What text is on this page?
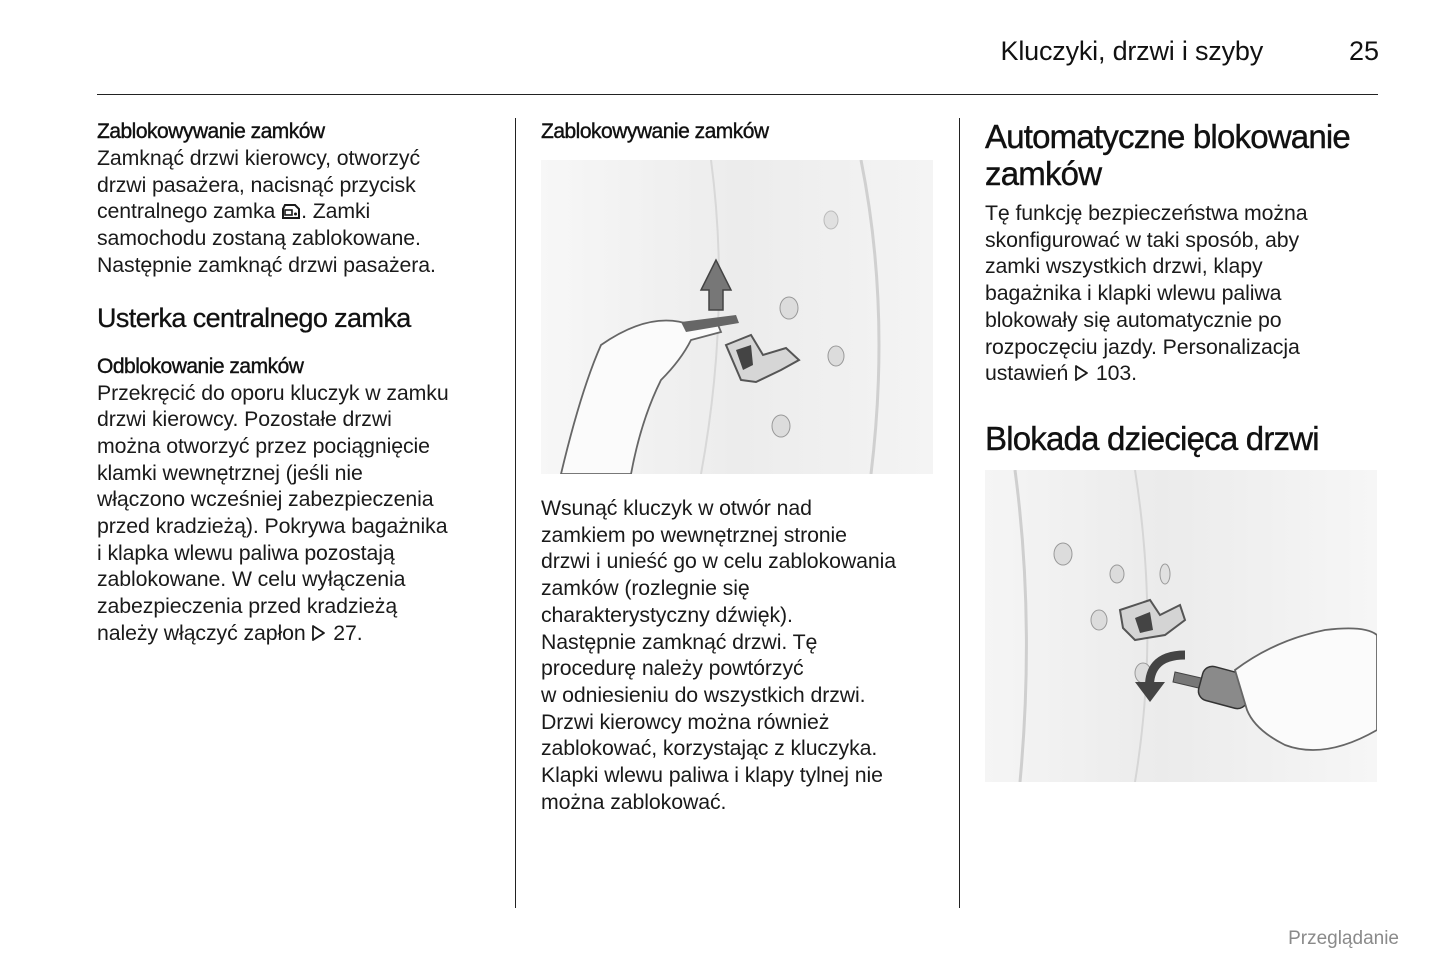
Kluczyki, drzwi i szyby	25
Zablokowywanie zamków
Zamknąć drzwi kierowcy, otworzyć
drzwi pasażera, nacisnąć przycisk
centralnego zamka . Zamki
samochodu zostaną zablokowane.
Następnie zamknąć drzwi pasażera.
Usterka centralnego zamka
Odblokowanie zamków
Przekręcić do oporu kluczyk w zamku
drzwi kierowcy. Pozostałe drzwi
można otworzyć przez pociągnięcie
klamki wewnętrznej (jeśli nie
włączono wcześniej zabezpieczenia
przed kradzieżą). Pokrywa bagażnika
i klapka wlewu paliwa pozostają
zablokowane. W celu wyłączenia
zabezpieczenia przed kradzieżą
należy włączyć zapłon  27.
Zablokowywanie zamków
Wsunąć kluczyk w otwór nad
zamkiem po wewnętrznej stronie
drzwi i unieść go w celu zablokowania
zamków (rozlegnie się
charakterystyczny dźwięk).
Następnie zamknąć drzwi. Tę
procedurę należy powtórzyć
w odniesieniu do wszystkich drzwi.
Drzwi kierowcy można również
zablokować, korzystając z kluczyka.
Klapki wlewu paliwa i klapy tylnej nie
można zablokować.
Automatyczne blokowanie
zamków
Tę funkcję bezpieczeństwa można
skonfigurować w taki sposób, aby
zamki wszystkich drzwi, klapy
bagażnika i klapki wlewu paliwa
blokowały się automatycznie po
rozpoczęciu jazdy. Personalizacja
ustawień  103.
Blokada dziecięca drzwi
Przeglądanie
